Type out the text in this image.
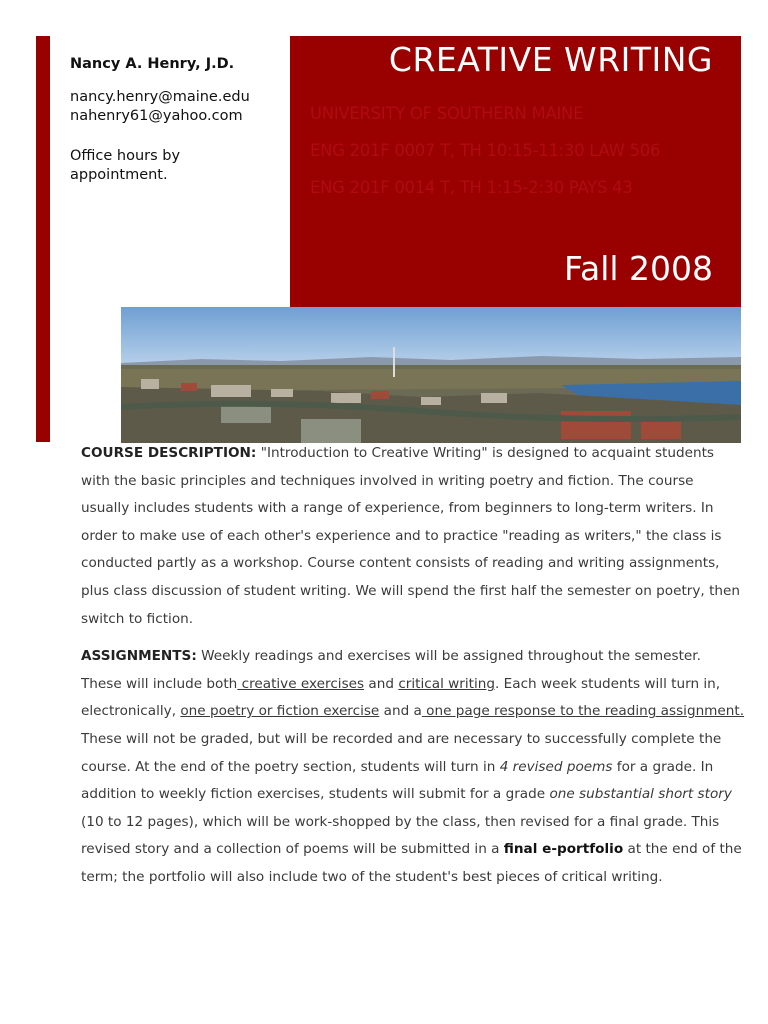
Nancy A. Henry, J.D.
nancy.henry@maine.edu
nahenry61@yahoo.com
Office hours by appointment.
CREATIVE WRITING
UNIVERSITY OF SOUTHERN MAINE
ENG 201F 0007 T, TH 10:15-11:30 LAW 506
ENG 201F 0014 T, TH 1:15-2:30 PAYS 43
Fall 2008

COURSE DESCRIPTION: "Introduction to Creative Writing" is designed to acquaint students with the basic principles and techniques involved in writing poetry and fiction. The course usually includes students with a range of experience, from beginners to long-term writers. In order to make use of each other's experience and to practice "reading as writers," the class is conducted partly as a workshop. Course content consists of reading and writing assignments, plus class discussion of student writing. We will spend the first half the semester on poetry, then switch to fiction.

ASSIGNMENTS: Weekly readings and exercises will be assigned throughout the semester. These will include both creative exercises and critical writing. Each week students will turn in, electronically, one poetry or fiction exercise and a one page response to the reading assignment. These will not be graded, but will be recorded and are necessary to successfully complete the course. At the end of the poetry section, students will turn in 4 revised poems for a grade. In addition to weekly fiction exercises, students will submit for a grade one substantial short story (10 to 12 pages), which will be work-shopped by the class, then revised for a final grade. This revised story and a collection of poems will be submitted in a final e-portfolio at the end of the term; the portfolio will also include two of the student's best pieces of critical writing.
